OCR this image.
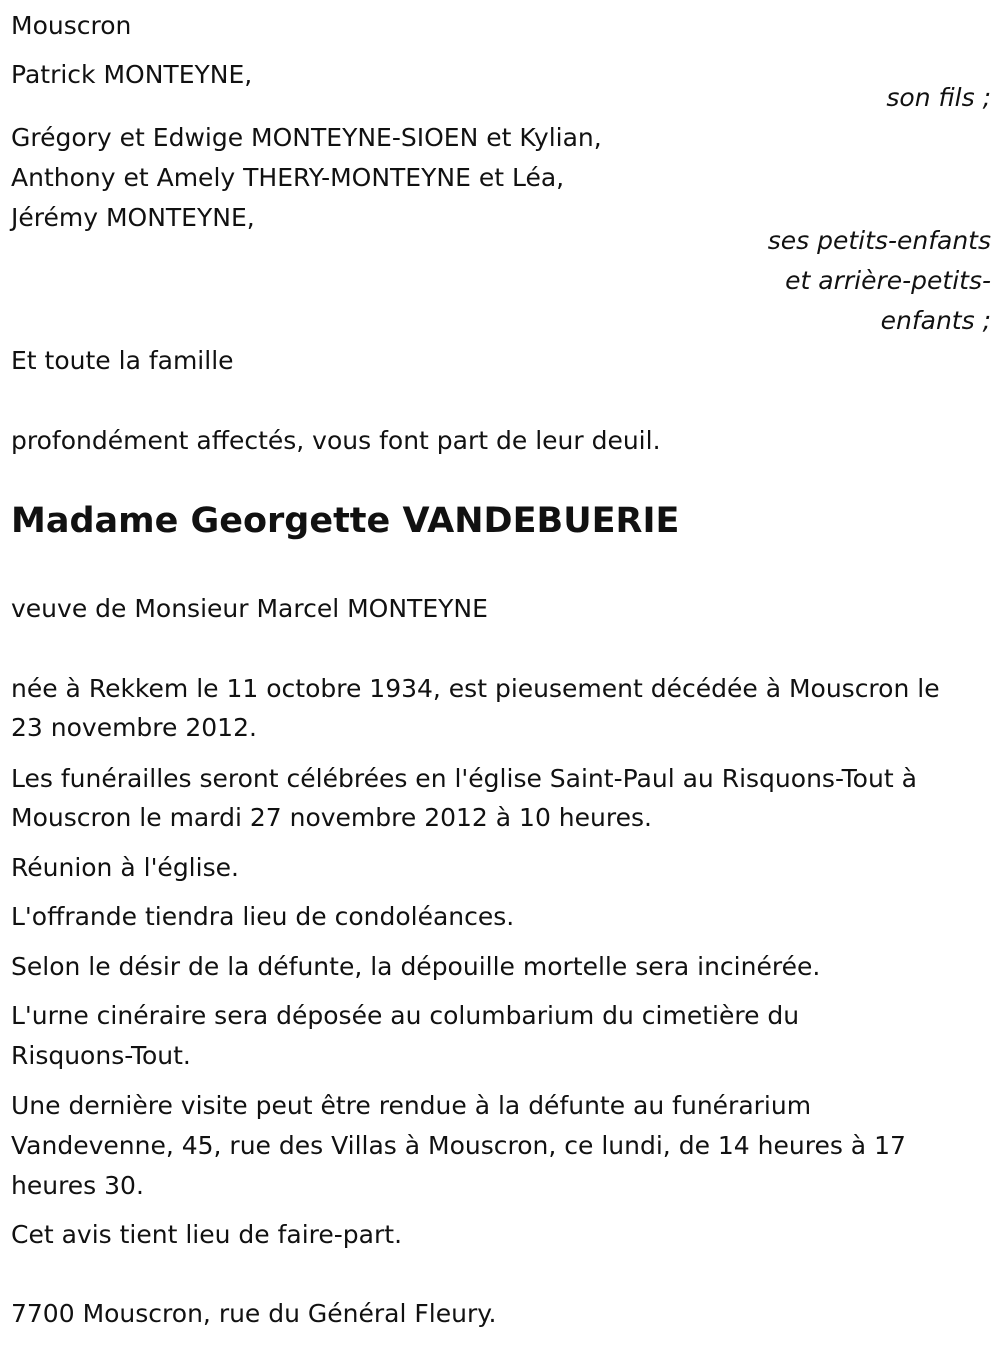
Mouscron
Patrick MONTEYNE,
son fils ;
Grégory et Edwige MONTEYNE-SIOEN et Kylian,
Anthony et Amely THERY-MONTEYNE et Léa,
Jérémy MONTEYNE,
ses petits-enfants
et arrière-petits-
enfants ;
Et toute la famille
profondément affectés, vous font part de leur deuil.
Madame Georgette VANDEBUERIE
veuve de Monsieur Marcel MONTEYNE
née à Rekkem le 11 octobre 1934, est pieusement décédée à Mouscron le
23 novembre 2012.
Les funérailles seront célébrées en l'église Saint-Paul au Risquons-Tout à
Mouscron le mardi 27 novembre 2012 à 10 heures.
Réunion à l'église.
L'offrande tiendra lieu de condoléances.
Selon le désir de la défunte, la dépouille mortelle sera incinérée.
L'urne cinéraire sera déposée au columbarium du cimetière du
Risquons-Tout.
Une dernière visite peut être rendue à la défunte au funérarium
Vandevenne, 45, rue des Villas à Mouscron, ce lundi, de 14 heures à 17
heures 30.
Cet avis tient lieu de faire-part.
7700 Mouscron, rue du Général Fleury.
